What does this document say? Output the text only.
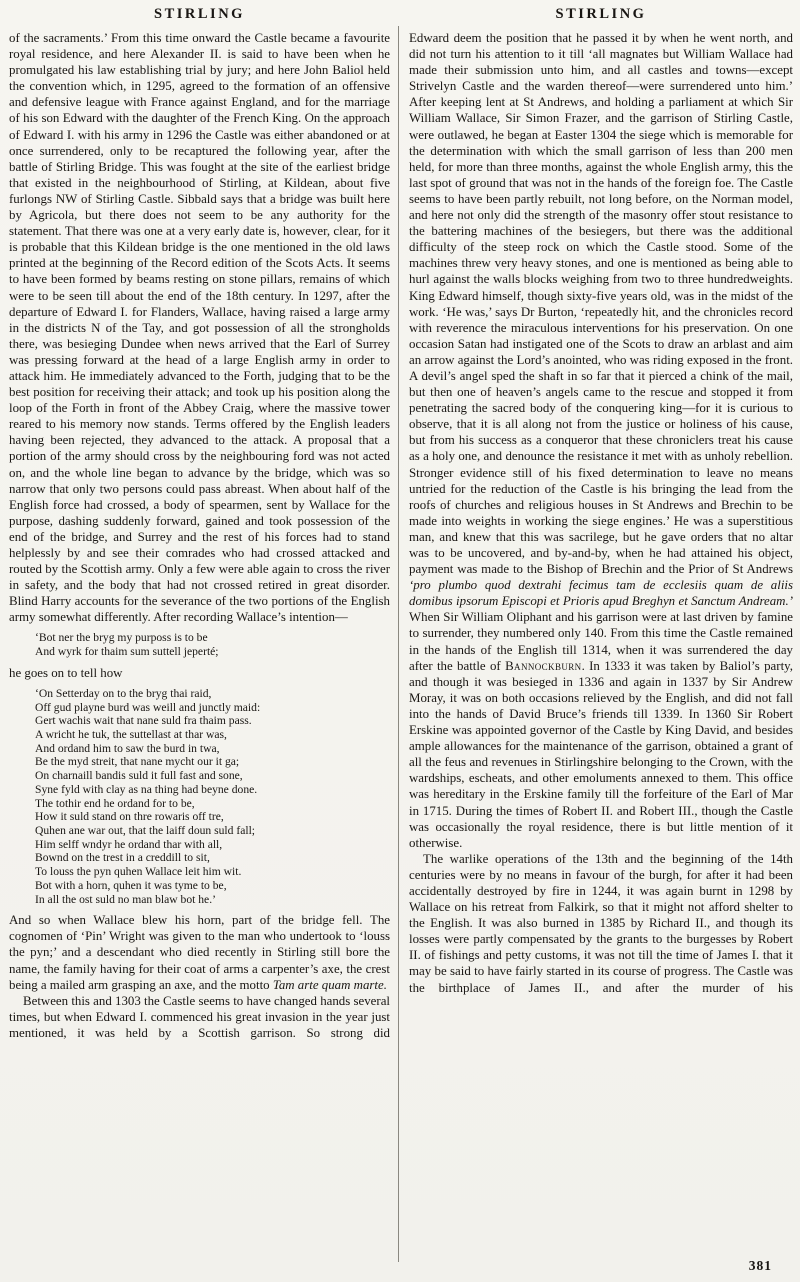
STIRLING

of the sacraments.’ From this time onward the Castle became a favourite royal residence, and here Alexander II. is said to have been when he promulgated his law establishing trial by jury; and here John Baliol held the convention which, in 1295, agreed to the formation of an offensive and defensive league with France against England, and for the marriage of his son Edward with the daughter of the French King. On the approach of Edward I. with his army in 1296 the Castle was either abandoned or at once surrendered, only to be recaptured the following year, after the battle of Stirling Bridge. This was fought at the site of the earliest bridge that existed in the neighbourhood of Stirling, at Kildean, about five furlongs NW of Stirling Castle. Sibbald says that a bridge was built here by Agricola, but there does not seem to be any authority for the statement. That there was one at a very early date is, however, clear, for it is probable that this Kildean bridge is the one mentioned in the old laws printed at the beginning of the Record edition of the Scots Acts. It seems to have been formed by beams resting on stone pillars, remains of which were to be seen till about the end of the 18th century. In 1297, after the departure of Edward I. for Flanders, Wallace, having raised a large army in the districts N of the Tay, and got possession of all the strongholds there, was besieging Dundee when news arrived that the Earl of Surrey was pressing forward at the head of a large English army in order to attack him. He immediately advanced to the Forth, judging that to be the best position for receiving their attack; and took up his position along the loop of the Forth in front of the Abbey Craig, where the massive tower reared to his memory now stands. Terms offered by the English leaders having been rejected, they advanced to the attack. A proposal that a portion of the army should cross by the neighbouring ford was not acted on, and the whole line began to advance by the bridge, which was so narrow that only two persons could pass abreast. When about half of the English force had crossed, a body of spearmen, sent by Wallace for the purpose, dashing suddenly forward, gained and took possession of the end of the bridge, and Surrey and the rest of his forces had to stand helplessly by and see their comrades who had crossed attacked and routed by the Scottish army. Only a few were able again to cross the river in safety, and the body that had not crossed retired in great disorder. Blind Harry accounts for the severance of the two portions of the English army somewhat differently. After recording Wallace’s intention—

‘Bot ner the bryg my purposs is to be
And wyrk for thaim sum suttell jeperté;

he goes on to tell how

‘On Setterday on to the bryg thai raid,
Off gud playne burd was weill and junctly maid:
Gert wachis wait that nane suld fra thaim pass.
A wricht he tuk, the suttellast at thar was,
And ordand him to saw the burd in twa,
Be the myd streit, that nane mycht our it ga;
On charnaill bandis suld it full fast and sone,
Syne fyld with clay as na thing had beyne done.
The tothir end he ordand for to be,
How it suld stand on thre rowaris off tre,
Quhen ane war out, that the laiff doun suld fall;
Him selff wndyr he ordand thar with all,
Bownd on the trest in a creddill to sit,
To louss the pyn quhen Wallace leit him wit.
Bot with a horn, quhen it was tyme to be,
In all the ost suld no man blaw bot he.’

And so when Wallace blew his horn, part of the bridge fell. The cognomen of ‘Pin’ Wright was given to the man who undertook to ‘louss the pyn;’ and a descendant who died recently in Stirling still bore the name, the family having for their coat of arms a carpenter’s axe, the crest being a mailed arm grasping an axe, and the motto Tam arte quam marte.

Between this and 1303 the Castle seems to have changed hands several times, but when Edward I. commenced his great invasion in the year just mentioned, it was held by a Scottish garrison. So strong did

STIRLING

Edward deem the position that he passed it by when he went north, and did not turn his attention to it till ‘all magnates but William Wallace had made their submission unto him, and all castles and towns—except Strivelyn Castle and the warden thereof—were surrendered unto him.’ After keeping lent at St Andrews, and holding a parliament at which Sir William Wallace, Sir Simon Frazer, and the garrison of Stirling Castle, were outlawed, he began at Easter 1304 the siege which is memorable for the determination with which the small garrison of less than 200 men held, for more than three months, against the whole English army, this the last spot of ground that was not in the hands of the foreign foe. The Castle seems to have been partly rebuilt, not long before, on the Norman model, and here not only did the strength of the masonry offer stout resistance to the battering machines of the besiegers, but there was the additional difficulty of the steep rock on which the Castle stood. Some of the machines threw very heavy stones, and one is mentioned as being able to hurl against the walls blocks weighing from two to three hundredweights. King Edward himself, though sixty-five years old, was in the midst of the work. ‘He was,’ says Dr Burton, ‘repeatedly hit, and the chronicles record with reverence the miraculous interventions for his preservation. On one occasion Satan had instigated one of the Scots to draw an arblast and aim an arrow against the Lord’s anointed, who was riding exposed in the front. A devil’s angel sped the shaft in so far that it pierced a chink of the mail, but then one of heaven’s angels came to the rescue and stopped it from penetrating the sacred body of the conquering king—for it is curious to observe, that it is all along not from the justice or holiness of his cause, but from his success as a conqueror that these chroniclers treat his cause as a holy one, and denounce the resistance it met with as unholy rebellion. Stronger evidence still of his fixed determination to leave no means untried for the reduction of the Castle is his bringing the lead from the roofs of churches and religious houses in St Andrews and Brechin to be made into weights in working the siege engines.’ He was a superstitious man, and knew that this was sacrilege, but he gave orders that no altar was to be uncovered, and by-and-by, when he had attained his object, payment was made to the Bishop of Brechin and the Prior of St Andrews ‘pro plumbo quod dextrahi fecimus tam de ecclesiis quam de aliis domibus ipsorum Episcopi et Prioris apud Breghyn et Sanctum Andream.’ When Sir William Oliphant and his garrison were at last driven by famine to surrender, they numbered only 140. From this time the Castle remained in the hands of the English till 1314, when it was surrendered the day after the battle of Bannockburn. In 1333 it was taken by Baliol’s party, and though it was besieged in 1336 and again in 1337 by Sir Andrew Moray, it was on both occasions relieved by the English, and did not fall into the hands of David Bruce’s friends till 1339. In 1360 Sir Robert Erskine was appointed governor of the Castle by King David, and besides ample allowances for the maintenance of the garrison, obtained a grant of all the feus and revenues in Stirlingshire belonging to the Crown, with the wardships, escheats, and other emoluments annexed to them. This office was hereditary in the Erskine family till the forfeiture of the Earl of Mar in 1715. During the times of Robert II. and Robert III., though the Castle was occasionally the royal residence, there is but little mention of it otherwise.

The warlike operations of the 13th and the beginning of the 14th centuries were by no means in favour of the burgh, for after it had been accidentally destroyed by fire in 1244, it was again burnt in 1298 by Wallace on his retreat from Falkirk, so that it might not afford shelter to the English. It was also burned in 1385 by Richard II., and though its losses were partly compensated by the grants to the burgesses by Robert II. of fishings and petty customs, it was not till the time of James I. that it may be said to have fairly started in its course of progress. The Castle was the birthplace of James II., and after the murder of his

381
